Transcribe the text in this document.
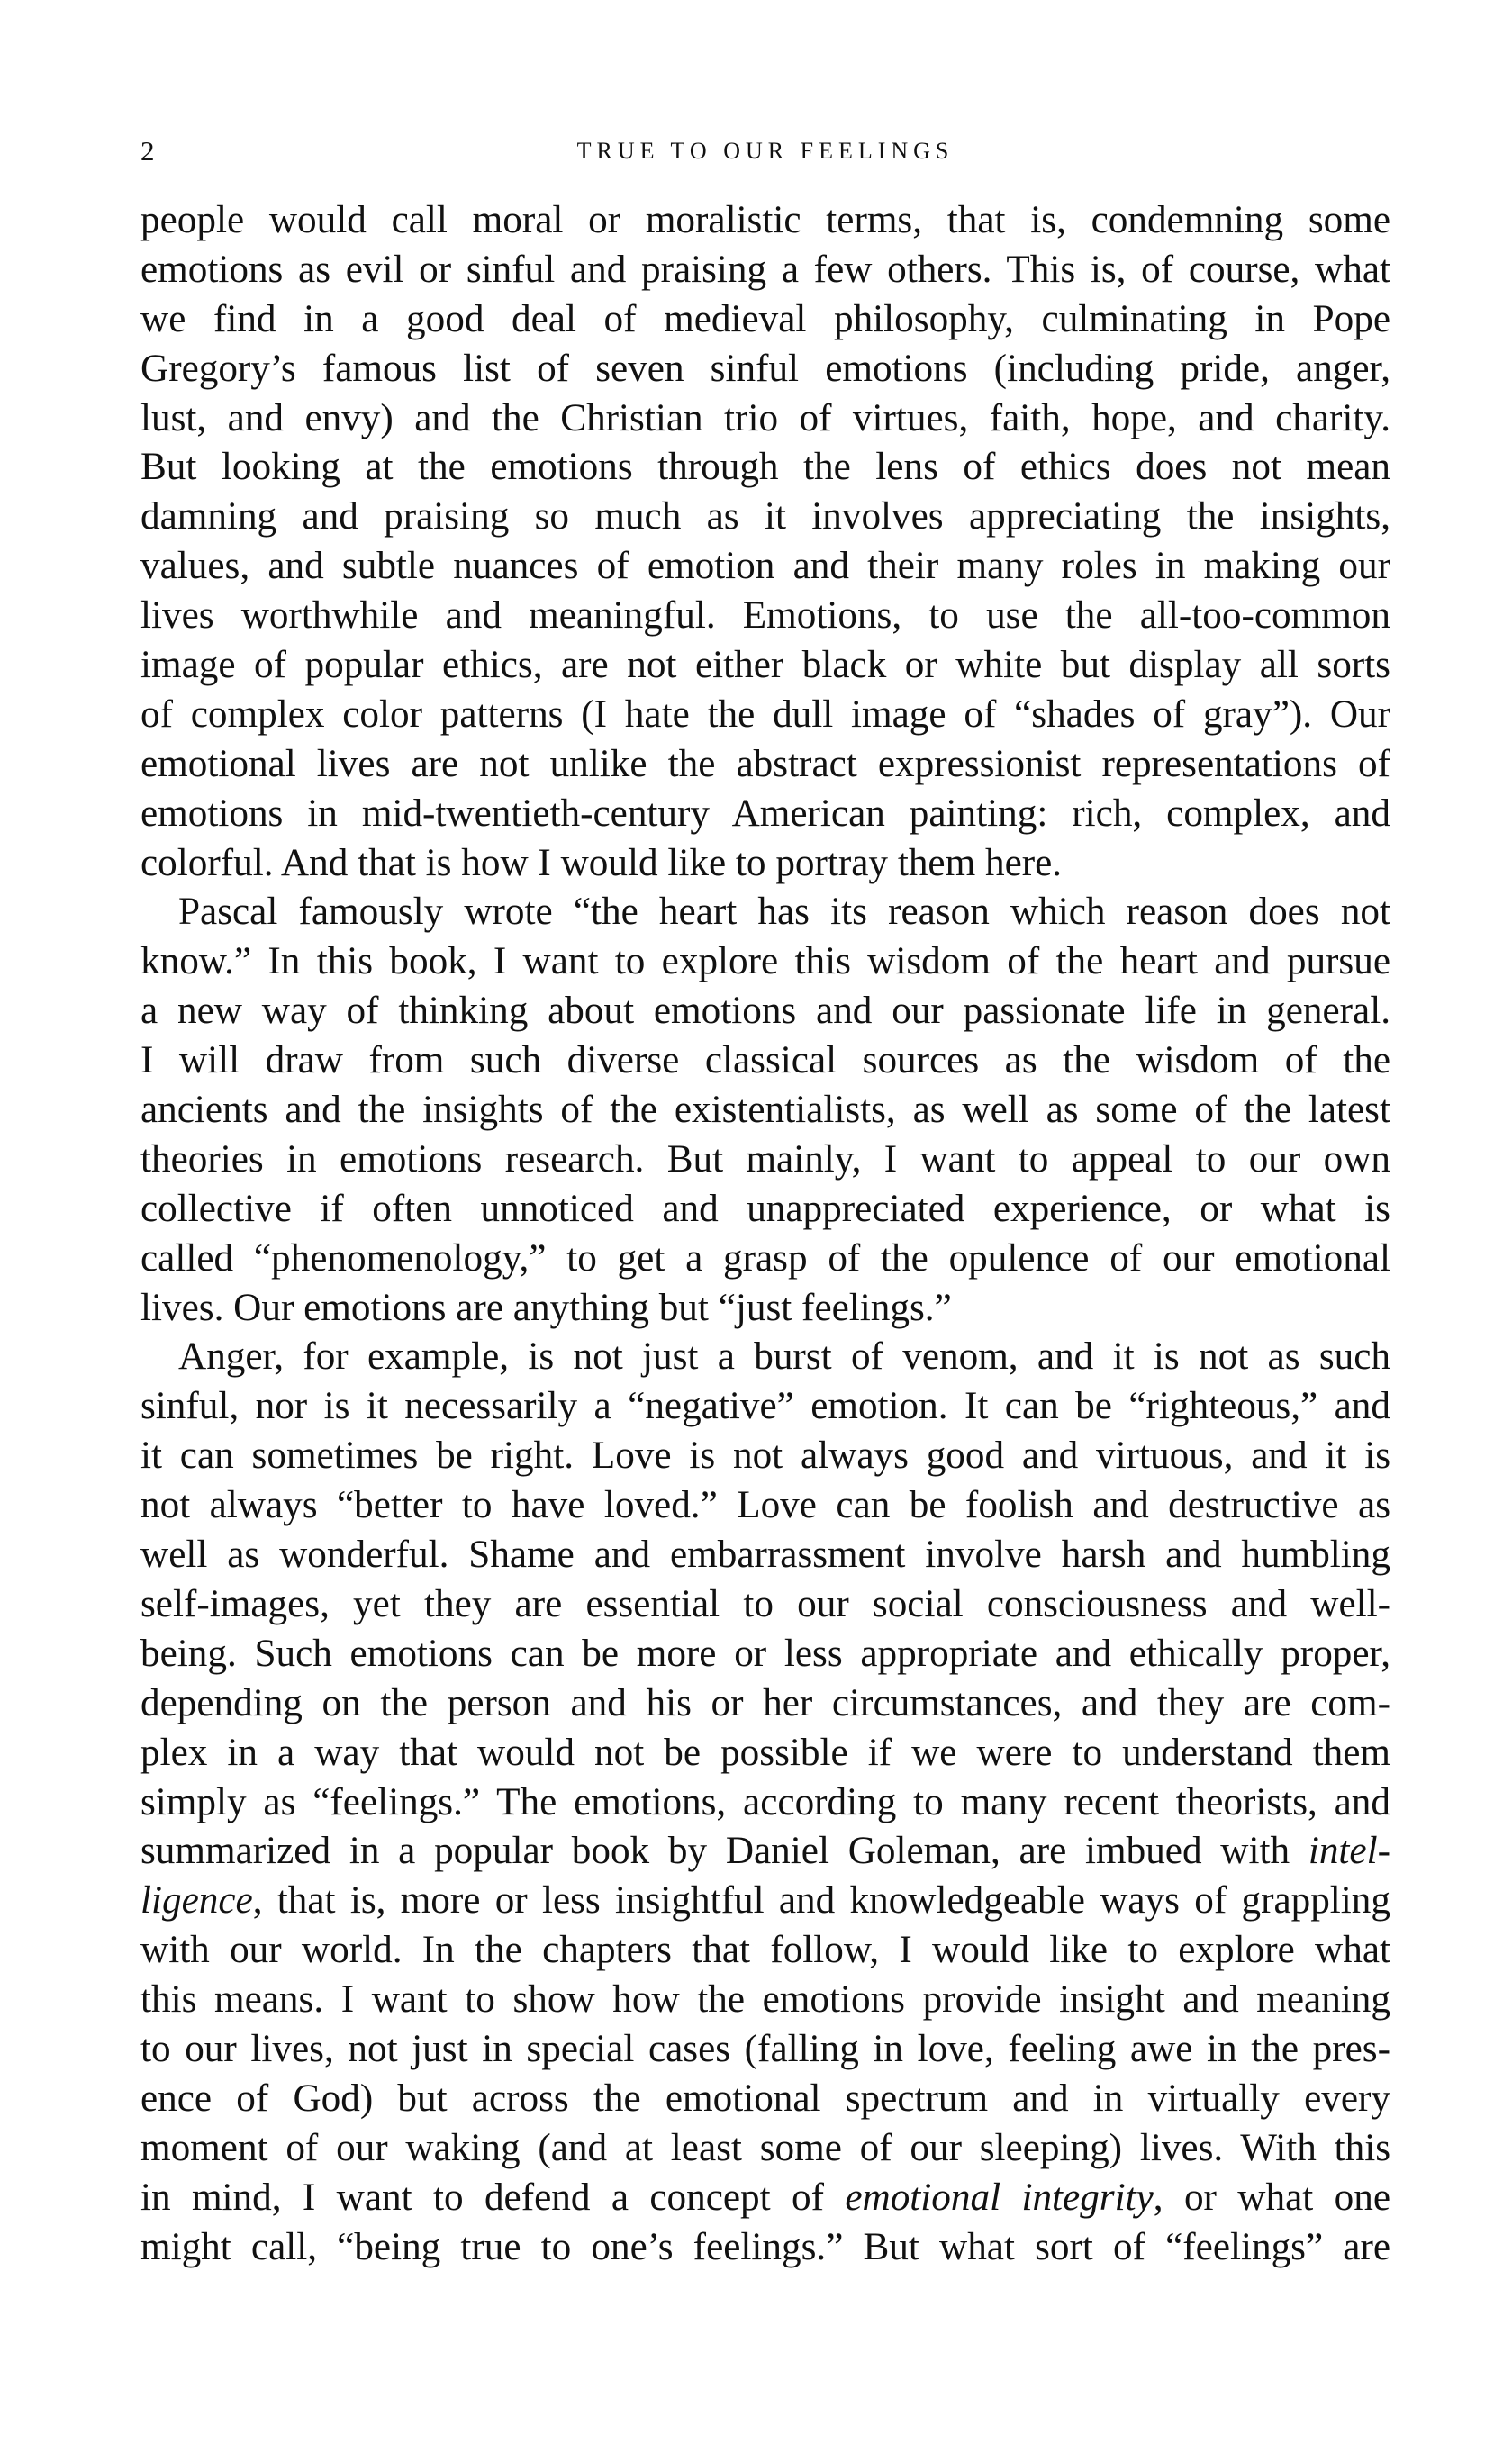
2	TRUE TO OUR FEELINGS
people would call moral or moralistic terms, that is, condemning some
emotions as evil or sinful and praising a few others. This is, of course, what
we find in a good deal of medieval philosophy, culminating in Pope
Gregory’s famous list of seven sinful emotions (including pride, anger,
lust, and envy) and the Christian trio of virtues, faith, hope, and charity.
But looking at the emotions through the lens of ethics does not mean
damning and praising so much as it involves appreciating the insights,
values, and subtle nuances of emotion and their many roles in making our
lives worthwhile and meaningful. Emotions, to use the all-too-common
image of popular ethics, are not either black or white but display all sorts
of complex color patterns (I hate the dull image of “shades of gray”). Our
emotional lives are not unlike the abstract expressionist representations of
emotions in mid-twentieth-century American painting: rich, complex, and
colorful. And that is how I would like to portray them here.
Pascal famously wrote “the heart has its reason which reason does not
know.” In this book, I want to explore this wisdom of the heart and pursue
a new way of thinking about emotions and our passionate life in general.
I will draw from such diverse classical sources as the wisdom of the
ancients and the insights of the existentialists, as well as some of the latest
theories in emotions research. But mainly, I want to appeal to our own
collective if often unnoticed and unappreciated experience, or what is
called “phenomenology,” to get a grasp of the opulence of our emotional
lives. Our emotions are anything but “just feelings.”
Anger, for example, is not just a burst of venom, and it is not as such
sinful, nor is it necessarily a “negative” emotion. It can be “righteous,” and
it can sometimes be right. Love is not always good and virtuous, and it is
not always “better to have loved.” Love can be foolish and destructive as
well as wonderful. Shame and embarrassment involve harsh and humbling
self-images, yet they are essential to our social consciousness and well-
being. Such emotions can be more or less appropriate and ethically proper,
depending on the person and his or her circumstances, and they are com-
plex in a way that would not be possible if we were to understand them
simply as “feelings.” The emotions, according to many recent theorists, and
summarized in a popular book by Daniel Goleman, are imbued with intel-
ligence, that is, more or less insightful and knowledgeable ways of grappling
with our world. In the chapters that follow, I would like to explore what
this means. I want to show how the emotions provide insight and meaning
to our lives, not just in special cases (falling in love, feeling awe in the pres-
ence of God) but across the emotional spectrum and in virtually every
moment of our waking (and at least some of our sleeping) lives. With this
in mind, I want to defend a concept of emotional integrity, or what one
might call, “being true to one’s feelings.” But what sort of “feelings” are
